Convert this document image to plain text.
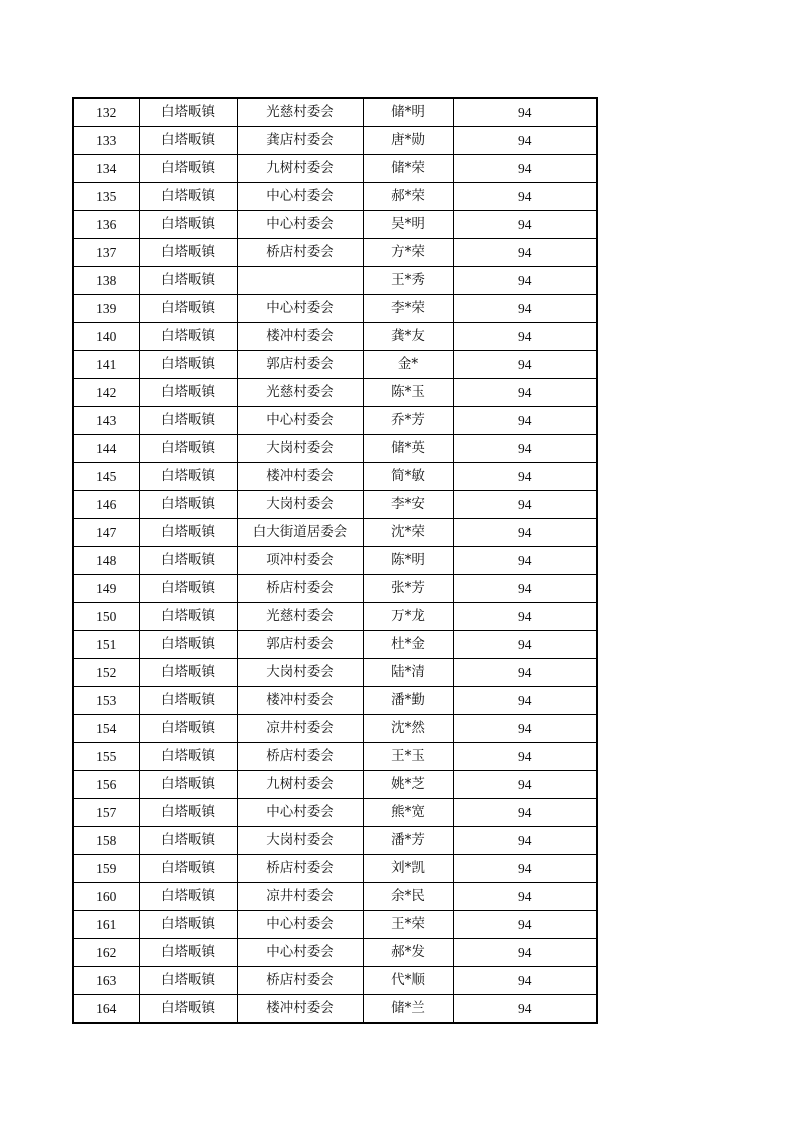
132	白塔畈镇	光慈村委会	储*明	94
133	白塔畈镇	龚店村委会	唐*勋	94
134	白塔畈镇	九树村委会	储*荣	94
135	白塔畈镇	中心村委会	郝*荣	94
136	白塔畈镇	中心村委会	吴*明	94
137	白塔畈镇	桥店村委会	方*荣	94
138	白塔畈镇		王*秀	94
139	白塔畈镇	中心村委会	李*荣	94
140	白塔畈镇	楼冲村委会	龚*友	94
141	白塔畈镇	郭店村委会	金*	94
142	白塔畈镇	光慈村委会	陈*玉	94
143	白塔畈镇	中心村委会	乔*芳	94
144	白塔畈镇	大岗村委会	储*英	94
145	白塔畈镇	楼冲村委会	简*敏	94
146	白塔畈镇	大岗村委会	李*安	94
147	白塔畈镇	白大街道居委会	沈*荣	94
148	白塔畈镇	项冲村委会	陈*明	94
149	白塔畈镇	桥店村委会	张*芳	94
150	白塔畈镇	光慈村委会	万*龙	94
151	白塔畈镇	郭店村委会	杜*金	94
152	白塔畈镇	大岗村委会	陆*清	94
153	白塔畈镇	楼冲村委会	潘*勤	94
154	白塔畈镇	凉井村委会	沈*然	94
155	白塔畈镇	桥店村委会	王*玉	94
156	白塔畈镇	九树村委会	姚*芝	94
157	白塔畈镇	中心村委会	熊*宽	94
158	白塔畈镇	大岗村委会	潘*芳	94
159	白塔畈镇	桥店村委会	刘*凯	94
160	白塔畈镇	凉井村委会	余*民	94
161	白塔畈镇	中心村委会	王*荣	94
162	白塔畈镇	中心村委会	郝*发	94
163	白塔畈镇	桥店村委会	代*顺	94
164	白塔畈镇	楼冲村委会	储*兰	94
